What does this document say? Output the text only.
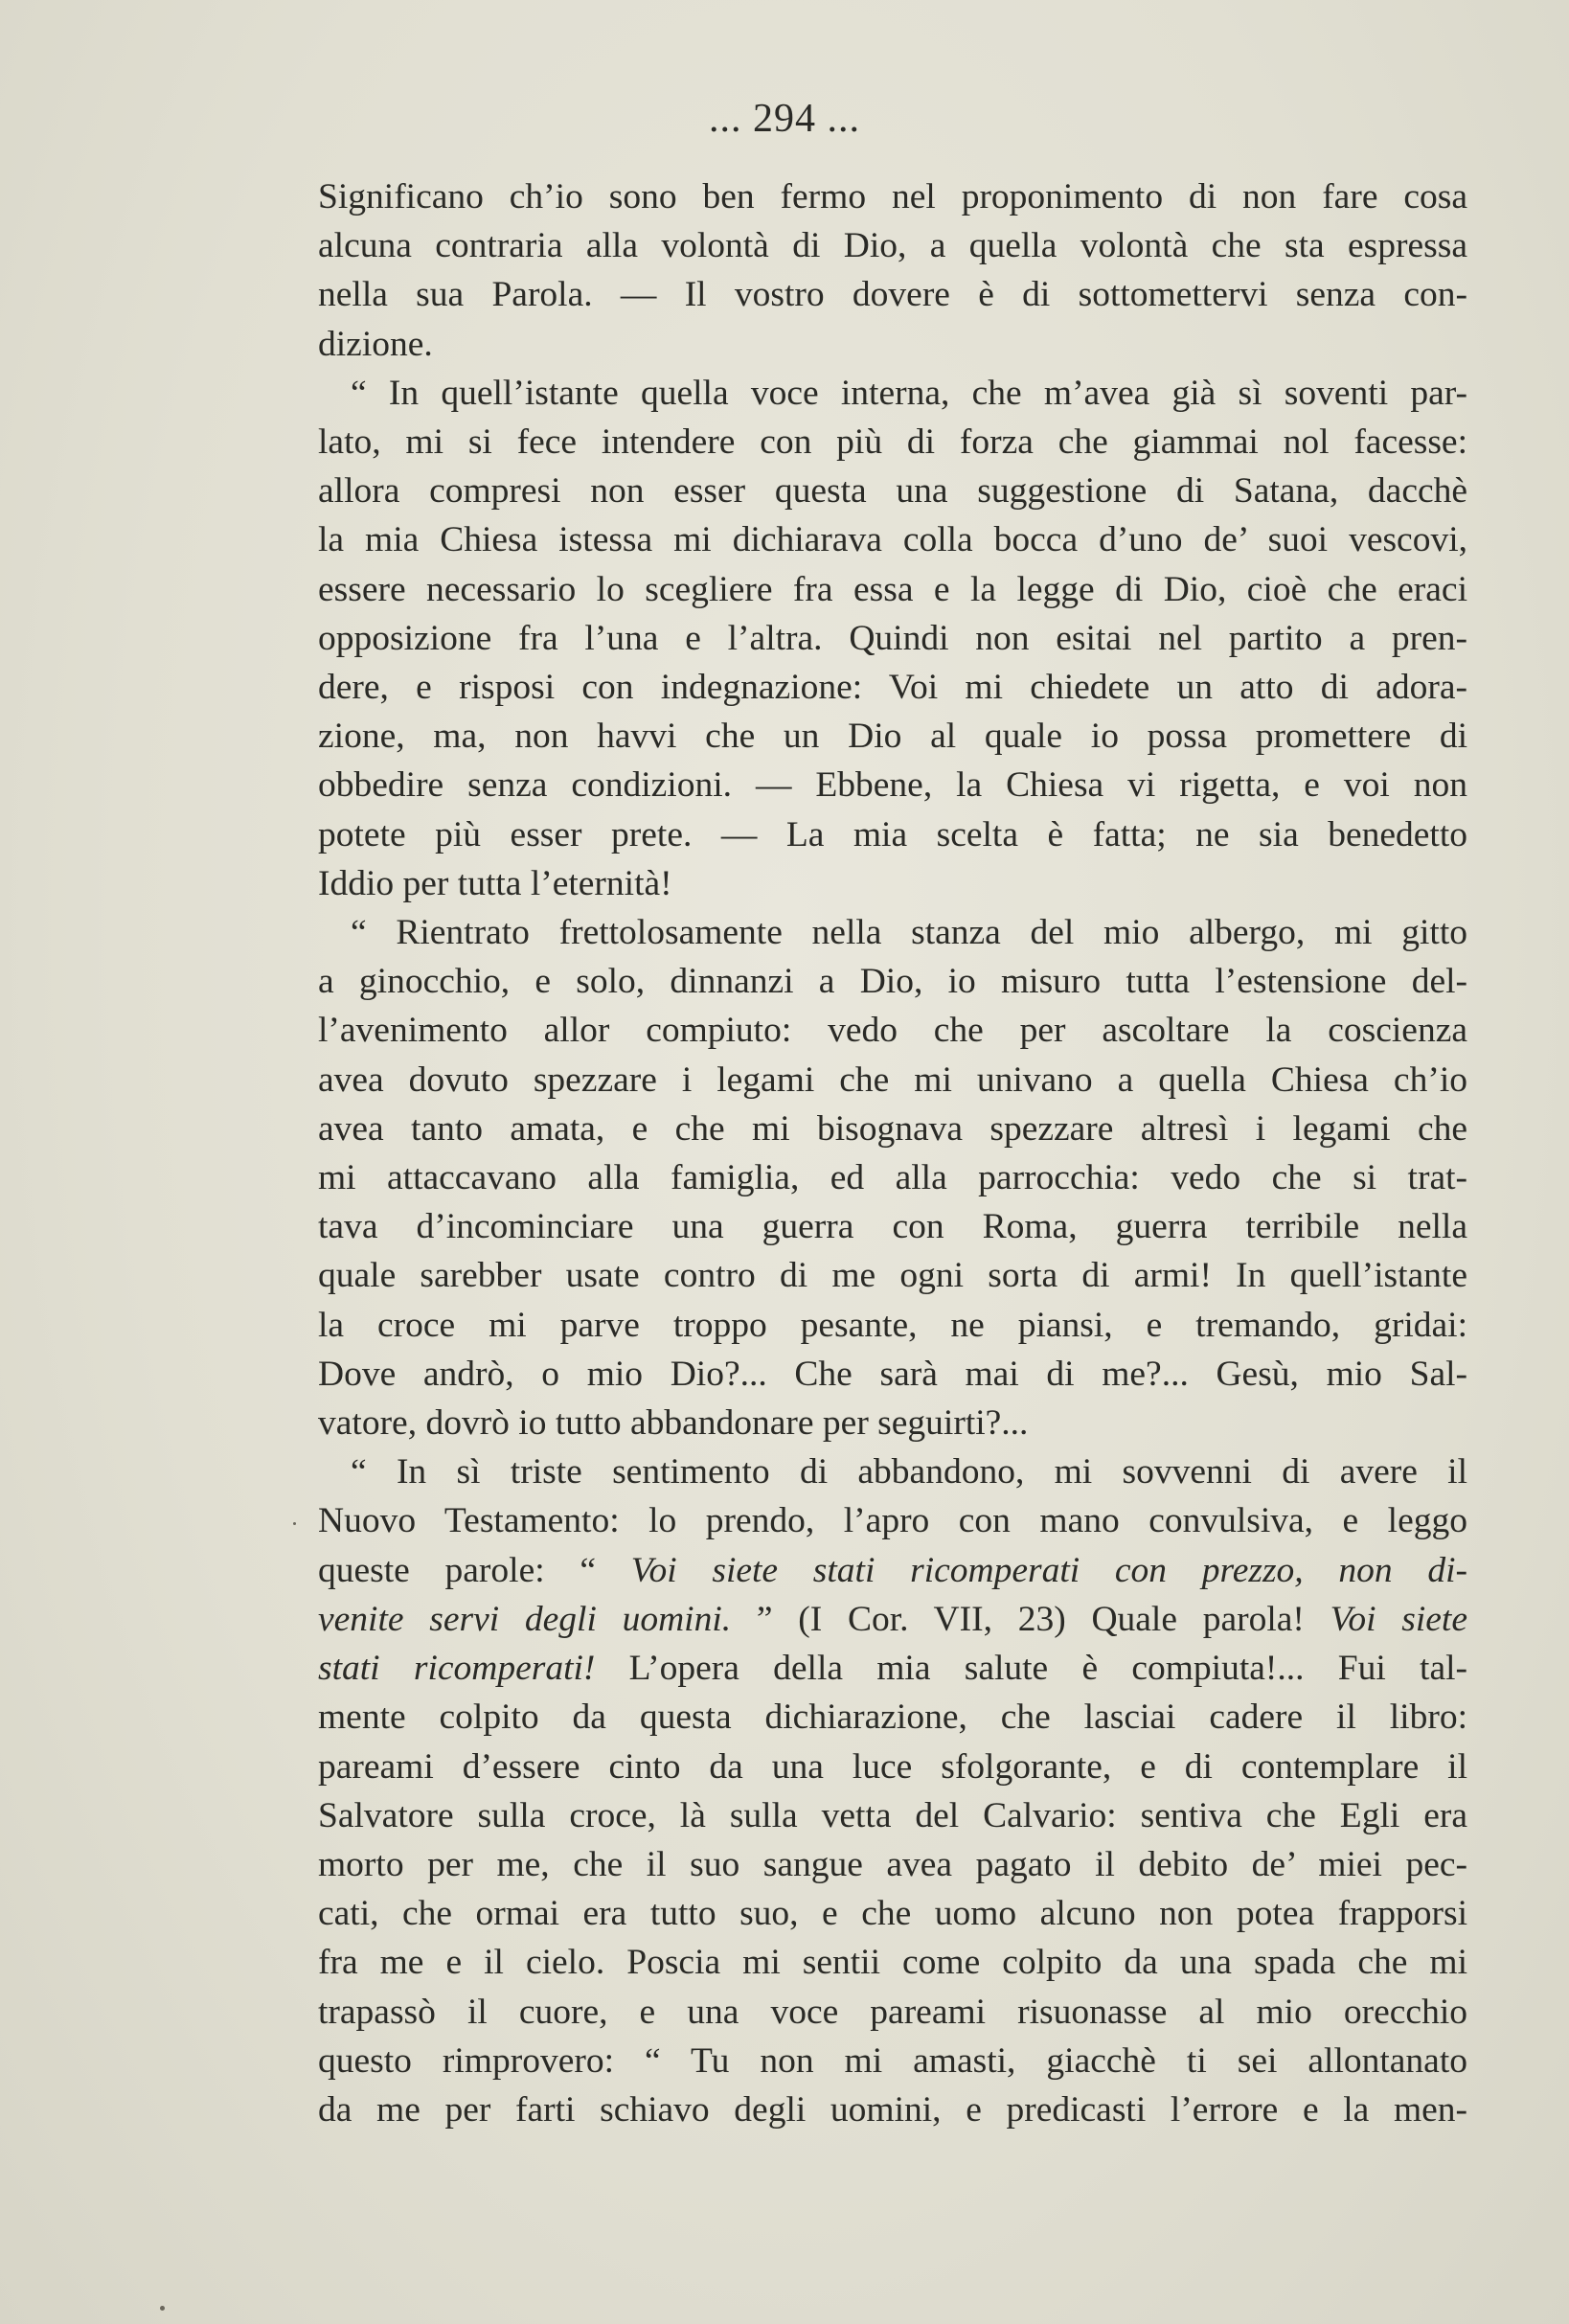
... 294 ...
Significano ch’io sono ben fermo nel proponimento di non fare cosa
alcuna contraria alla volontà di Dio, a quella volontà che sta espressa
nella sua Parola. — Il vostro dovere è di sottomettervi senza con-
dizione.
“ In quell’istante quella voce interna, che m’avea già sì soventi par-
lato, mi si fece intendere con più di forza che giammai nol facesse:
allora compresi non esser questa una suggestione di Satana, dacchè
la mia Chiesa istessa mi dichiarava colla bocca d’uno de’ suoi vescovi,
essere necessario lo scegliere fra essa e la legge di Dio, cioè che eraci
opposizione fra l’una e l’altra. Quindi non esitai nel partito a pren-
dere, e risposi con indegnazione: Voi mi chiedete un atto di adora-
zione, ma, non havvi che un Dio al quale io possa promettere di
obbedire senza condizioni. — Ebbene, la Chiesa vi rigetta, e voi non
potete più esser prete. — La mia scelta è fatta; ne sia benedetto
Iddio per tutta l’eternità!
“ Rientrato frettolosamente nella stanza del mio albergo, mi gitto
a ginocchio, e solo, dinnanzi a Dio, io misuro tutta l’estensione del-
l’avenimento allor compiuto: vedo che per ascoltare la coscienza
avea dovuto spezzare i legami che mi univano a quella Chiesa ch’io
avea tanto amata, e che mi bisognava spezzare altresì i legami che
mi attaccavano alla famiglia, ed alla parrocchia: vedo che si trat-
tava d’incominciare una guerra con Roma, guerra terribile nella
quale sarebber usate contro di me ogni sorta di armi! In quell’istante
la croce mi parve troppo pesante, ne piansi, e tremando, gridai:
Dove andrò, o mio Dio?... Che sarà mai di me?... Gesù, mio Sal-
vatore, dovrò io tutto abbandonare per seguirti?...
“ In sì triste sentimento di abbandono, mi sovvenni di avere il
Nuovo Testamento: lo prendo, l’apro con mano convulsiva, e leggo
queste parole: “ Voi siete stati ricomperati con prezzo, non di-
venite servi degli uomini. ” (I Cor. VII, 23) Quale parola! Voi siete
stati ricomperati! L’opera della mia salute è compiuta!... Fui tal-
mente colpito da questa dichiarazione, che lasciai cadere il libro:
pareami d’essere cinto da una luce sfolgorante, e di contemplare il
Salvatore sulla croce, là sulla vetta del Calvario: sentiva che Egli era
morto per me, che il suo sangue avea pagato il debito de’ miei pec-
cati, che ormai era tutto suo, e che uomo alcuno non potea frapporsi
fra me e il cielo. Poscia mi sentii come colpito da una spada che mi
trapassò il cuore, e una voce pareami risuonasse al mio orecchio
questo rimprovero: “ Tu non mi amasti, giacchè ti sei allontanato
da me per farti schiavo degli uomini, e predicasti l’errore e la men-
